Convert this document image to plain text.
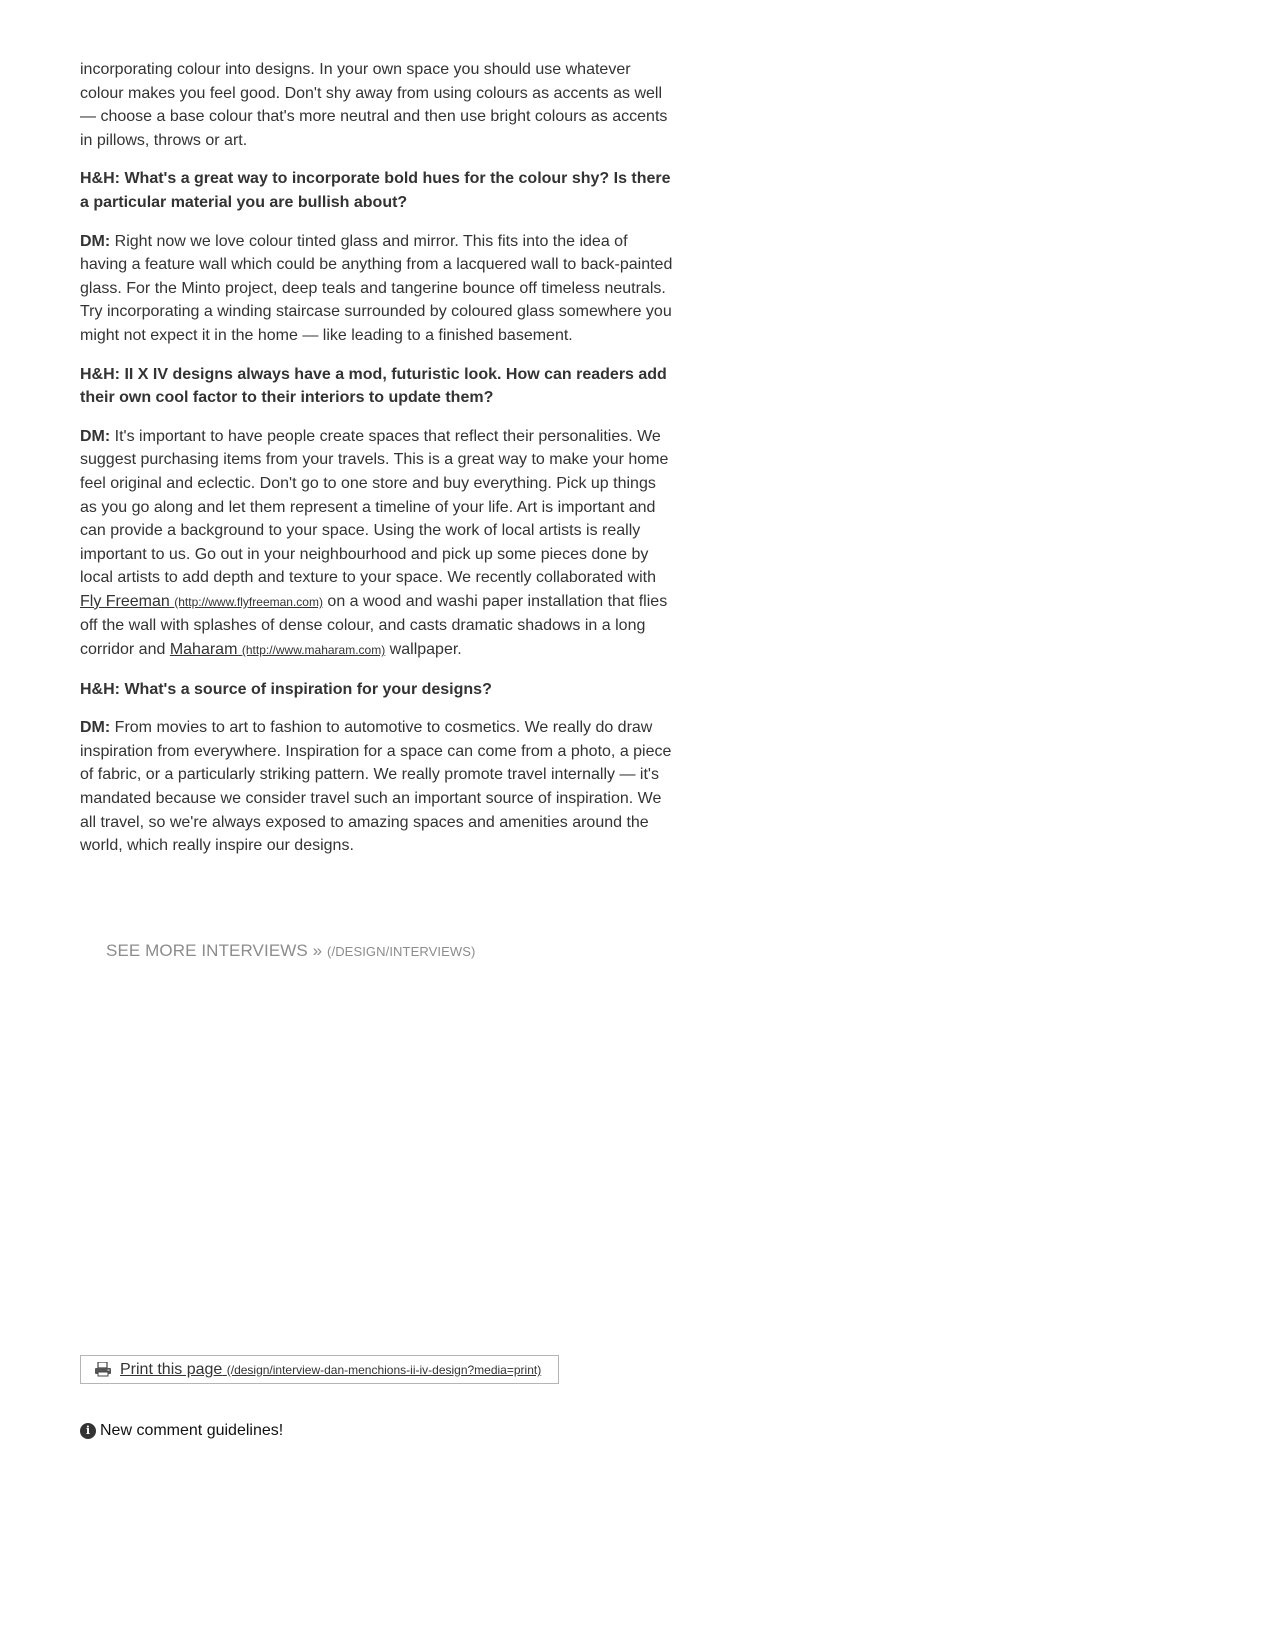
incorporating colour into designs. In your own space you should use whatever colour makes you feel good. Don't shy away from using colours as accents as well — choose a base colour that's more neutral and then use bright colours as accents in pillows, throws or art.

H&H: What's a great way to incorporate bold hues for the colour shy? Is there a particular material you are bullish about?

DM: Right now we love colour tinted glass and mirror. This fits into the idea of having a feature wall which could be anything from a lacquered wall to back-painted glass. For the Minto project, deep teals and tangerine bounce off timeless neutrals. Try incorporating a winding staircase surrounded by coloured glass somewhere you might not expect it in the home — like leading to a finished basement.

H&H: II X IV designs always have a mod, futuristic look. How can readers add their own cool factor to their interiors to update them?

DM: It's important to have people create spaces that reflect their personalities. We suggest purchasing items from your travels. This is a great way to make your home feel original and eclectic. Don't go to one store and buy everything. Pick up things as you go along and let them represent a timeline of your life. Art is important and can provide a background to your space. Using the work of local artists is really important to us. Go out in your neighbourhood and pick up some pieces done by local artists to add depth and texture to your space. We recently collaborated with Fly Freeman (http://www.flyfreeman.com) on a wood and washi paper installation that flies off the wall with splashes of dense colour, and casts dramatic shadows in a long corridor and Maharam (http://www.maharam.com) wallpaper.

H&H: What's a source of inspiration for your designs?

DM: From movies to art to fashion to automotive to cosmetics. We really do draw inspiration from everywhere. Inspiration for a space can come from a photo, a piece of fabric, or a particularly striking pattern. We really promote travel internally — it's mandated because we consider travel such an important source of inspiration. We all travel, so we're always exposed to amazing spaces and amenities around the world, which really inspire our designs.

SEE MORE INTERVIEWS » (/DESIGN/INTERVIEWS)
Print this page (/design/interview-dan-menchions-ii-iv-design?media=print)
i New comment guidelines!
